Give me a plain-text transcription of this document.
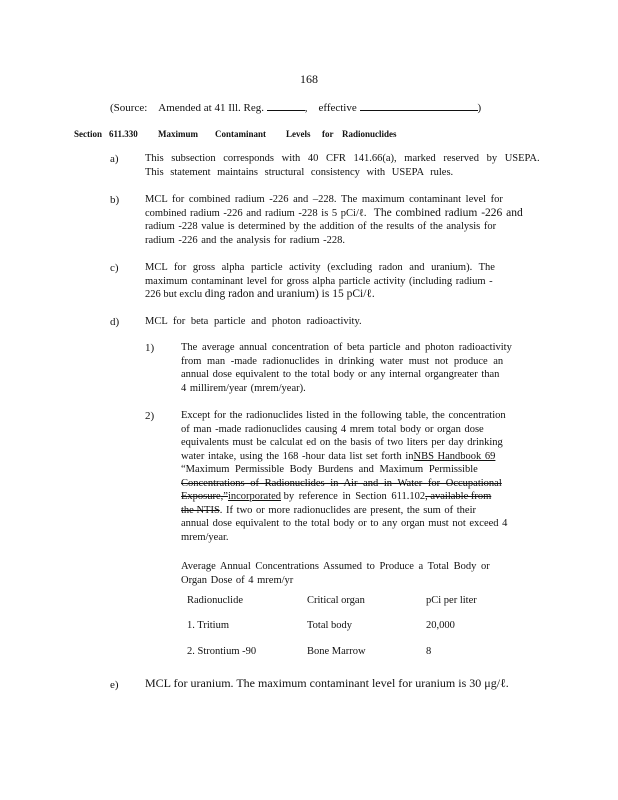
168
(Source: Amended at 41 Ill. Reg.	, effective	)
Section 611.330 Maximum Contaminant Levels for Radionuclides
a)	This subsection corresponds with 40 CFR 141.66(a), marked reserved by USEPA.
This statement maintains structural consistency with USEPA rules.
b) MCL for combined radium -226 and –228. The maximum contaminant level for
combined radium -226 and radium -228 is 5 pCi/ℓ. The combined radium -226 and
radium -228 value is determined by the addition of the results of the analysis for
radium -226 and the analysis for radium -228.
c)	MCL for gross alpha particle activity (excluding radon and uranium). The
maximum contaminant level for gross alpha particle activity (including radium -
226 but exclu ding radon and uranium) is 15 pCi/ℓ.
d) MCL for beta particle and photon radioactivity.
1)	The average annual concentration of beta particle and photon radioactivity
from man -made radionuclides in drinking water must not produce an
annual dose equivalent to the total body or any internal organgreater than
4 millirem/year (mrem/year).
2)	Except for the radionuclides listed in the following table, the concentration
of man -made radionuclides causing 4 mrem total body or organ dose
equivalents must be calculat ed on the basis of two liters per day drinking
water intake, using the 168 -hour data list set forth inNBS Handbook 69
“Maximum Permissible Body Burdens and Maximum Permissible
Concentrations of Radionuclides in Air and in Water for Occupational
Exposure,”incorporated by reference in Section 611.102, available from
the NTIS. If two or more radionuclides are present, the sum of their
annual dose equivalent to the total body or to any organ must not exceed 4
mrem/year.
Average Annual Concentrations Assumed to Produce a Total Body or
Organ Dose of 4 mrem/yr
Radionuclide	Critical organ	pCi per liter
1. Tritium	Total body	20,000
2. Strontium -90	Bone Marrow	8
e) MCL for uranium. The maximum contaminant level for uranium is 30 μg/ℓ.
